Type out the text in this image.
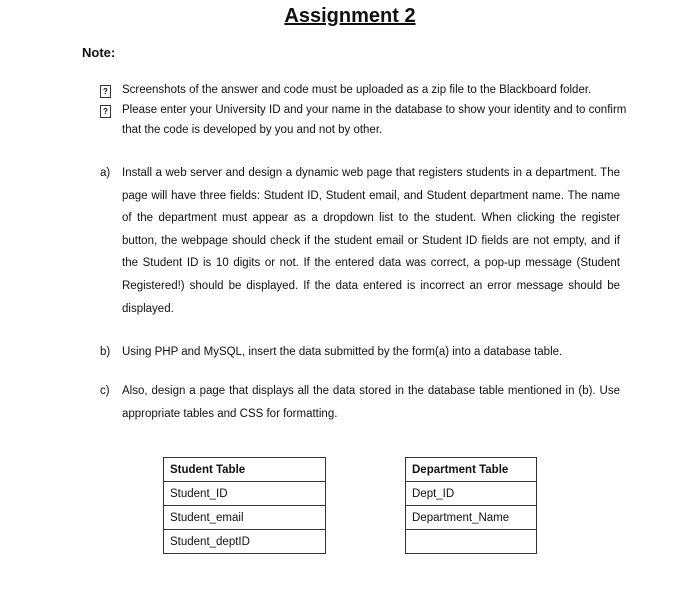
Assignment 2
Note:
? Screenshots of the answer and code must be uploaded as a zip file to the Blackboard folder.
? Please enter your University ID and your name in the database to show your identity and to confirm that the code is developed by you and not by other.
a)	Install a web server and design a dynamic web page that registers students in a department. The page will have three fields: Student ID, Student email, and Student department name. The name of the department must appear as a dropdown list to the student. When clicking the register button, the webpage should check if the student email or Student ID fields are not empty, and if the Student ID is 10 digits or not. If the entered data was correct, a pop-up message (Student Registered!) should be displayed. If the data entered is incorrect an error message should be displayed.
b)	Using PHP and MySQL, insert the data submitted by the form(a) into a database table.
c)	Also, design a page that displays all the data stored in the database table mentioned in (b). Use appropriate tables and CSS for formatting.
Student Table
Student_ID
Student_email
Student_deptID
Department Table
Dept_ID
Department_Name
